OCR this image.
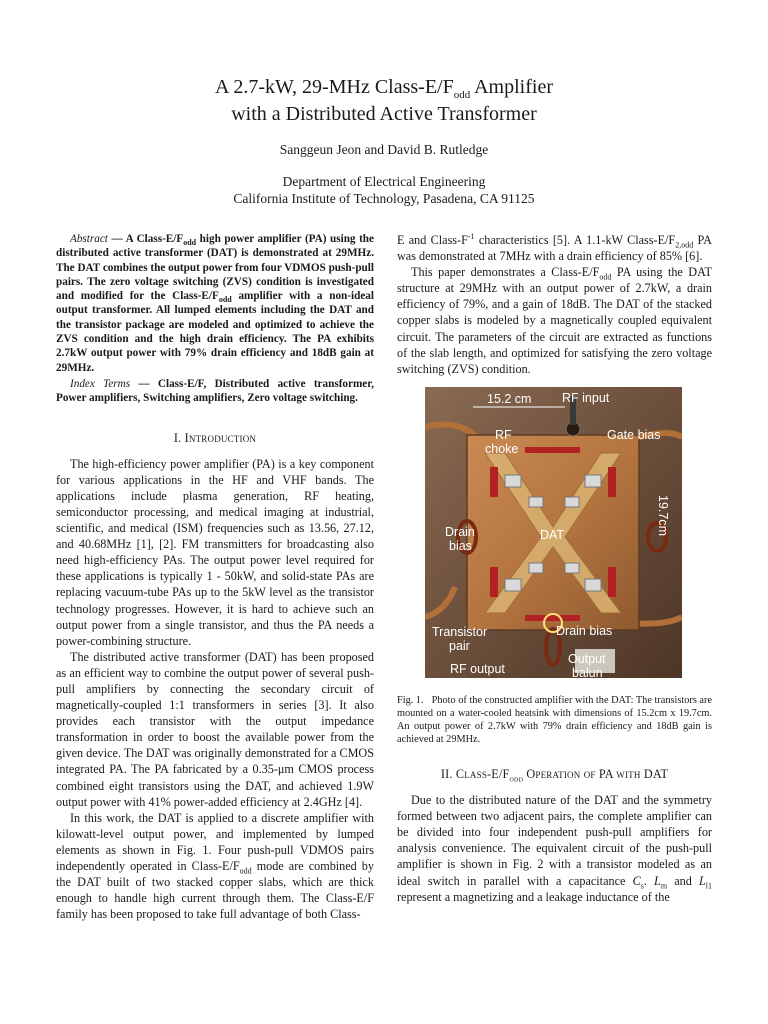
A 2.7-kW, 29-MHz Class-$E/F_{odd}$ Amplifier
with a Distributed Active Transformer
Sanggeun Jeon and David B. Rutledge
Department of Electrical Engineering
California Institute of Technology, Pasadena, CA 91125
Abstract — A Class-$E/F_{odd}$ high power amplifier (PA) using the distributed active transformer (DAT) is demonstrated at 29MHz. The DAT combines the output power from four VDMOS push-pull pairs. The zero voltage switching (ZVS) condition is investigated and modified for the Class-$E/F_{odd}$ amplifier with a non-ideal output transformer. All lumped elements including the DAT and the transistor package are modeled and optimized to achieve the ZVS condition and the high drain efficiency. The PA exhibits 2.7kW output power with 79% drain efficiency and 18dB gain at 29MHz.
Index Terms — Class-E/F, Distributed active transformer, Power amplifiers, Switching amplifiers, Zero voltage switching.
I. Introduction

The high-efficiency power amplifier (PA) is a key component for various applications in the HF and VHF bands. The applications include plasma generation, RF heating, semiconductor processing, and medical imaging at industrial, scientific, and medical (ISM) frequencies such as 13.56, 27.12, and 40.68MHz [1], [2]. FM transmitters for broadcasting also need high-efficiency PAs. The output power level required for these applications is typically 1 - 50kW, and solid-state PAs are replacing vacuum-tube PAs up to the 5kW level as the transistor technology progresses. However, it is hard to achieve such an output power from a single transistor, and thus the PA needs a power-combining structure.

The distributed active transformer (DAT) has been proposed as an efficient way to combine the output power of several push-pull amplifiers by connecting the secondary circuit of magnetically-coupled 1:1 transformers in series [3]. It also provides each transistor with the output impedance transformation in order to boost the available power from the given device. The DAT was originally demonstrated for a CMOS integrated PA. The PA fabricated by a 0.35-μm CMOS process combined eight transistors using the DAT, and achieved 1.9W output power with 41% power-added efficiency at 2.4GHz [4].

In this work, the DAT is applied to a discrete amplifier with kilowatt-level output power, and implemented by lumped elements as shown in Fig. 1. Four push-pull VDMOS pairs independently operated in Class-$E/F_{odd}$ mode are combined by the DAT built of two stacked copper slabs, which are thick enough to handle high current through them. The Class-E/F family has been proposed to take full advantage of both Class-

E and Class-$F^{-1}$ characteristics [5]. A 1.1-kW Class-$E/F_{2,odd}$ PA was demonstrated at 7MHz with a drain efficiency of 85% [6].

This paper demonstrates a Class-$E/F_{odd}$ PA using the DAT structure at 29MHz with an output power of 2.7kW, a drain efficiency of 79%, and a gain of 18dB. The DAT of the stacked copper slabs is modeled by a magnetically coupled equivalent circuit. The parameters of the circuit are extracted as functions of the slab length, and optimized for satisfying the zero voltage switching (ZVS) condition.

15.2 cm RF input
RF
choke
Gate bias
19.7cm
Drain
bias
DAT
Transistor
pair
Drain bias
RF output
Output
balun
Fig. 1. Photo of the constructed amplifier with the DAT: The transistors are mounted on a water-cooled heatsink with dimensions of 15.2cm x 19.7cm. An output power of 2.7kW with 79% drain efficiency and 18dB gain is achieved at 29MHz.
II. Class-$E/F_{odd}$ Operation of PA with DAT

Due to the distributed nature of the DAT and the symmetry formed between two adjacent pairs, the complete amplifier can be divided into four independent push-pull amplifiers for analysis convenience. The equivalent circuit of the push-pull amplifier is shown in Fig. 2 with a transistor modeled as an ideal switch in parallel with a capacitance $C_s$. $L_m$ and $L_{l1}$ represent a magnetizing and a leakage inductance of the
